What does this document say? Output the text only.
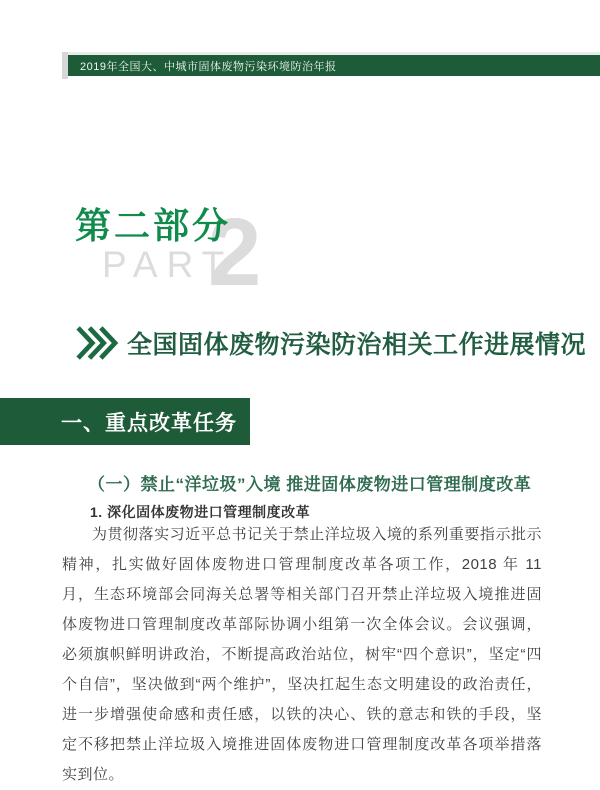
2019年全国大、中城市固体废物污染环境防治年报
PART
2
第二部分
全国固体废物污染防治相关工作进展情况
一、重点改革任务
（一）禁止“洋垃圾”入境 推进固体废物进口管理制度改革
1. 深化固体废物进口管理制度改革

为贯彻落实习近平总书记关于禁止洋垃圾入境的系列重要指示批示精神，扎实做好固体废物进口管理制度改革各项工作，2018 年 11 月，生态环境部会同海关总署等相关部门召开禁止洋垃圾入境推进固体废物进口管理制度改革部际协调小组第一次全体会议。会议强调，必须旗帜鲜明讲政治，不断提高政治站位，树牢“四个意识”，坚定“四个自信”，坚决做到“两个维护”，坚决扛起生态文明建设的政治责任，进一步增强使命感和责任感，以铁的决心、铁的意志和铁的手段，坚定不移把禁止洋垃圾入境推进固体废物进口管理制度改革各项举措落实到位。
